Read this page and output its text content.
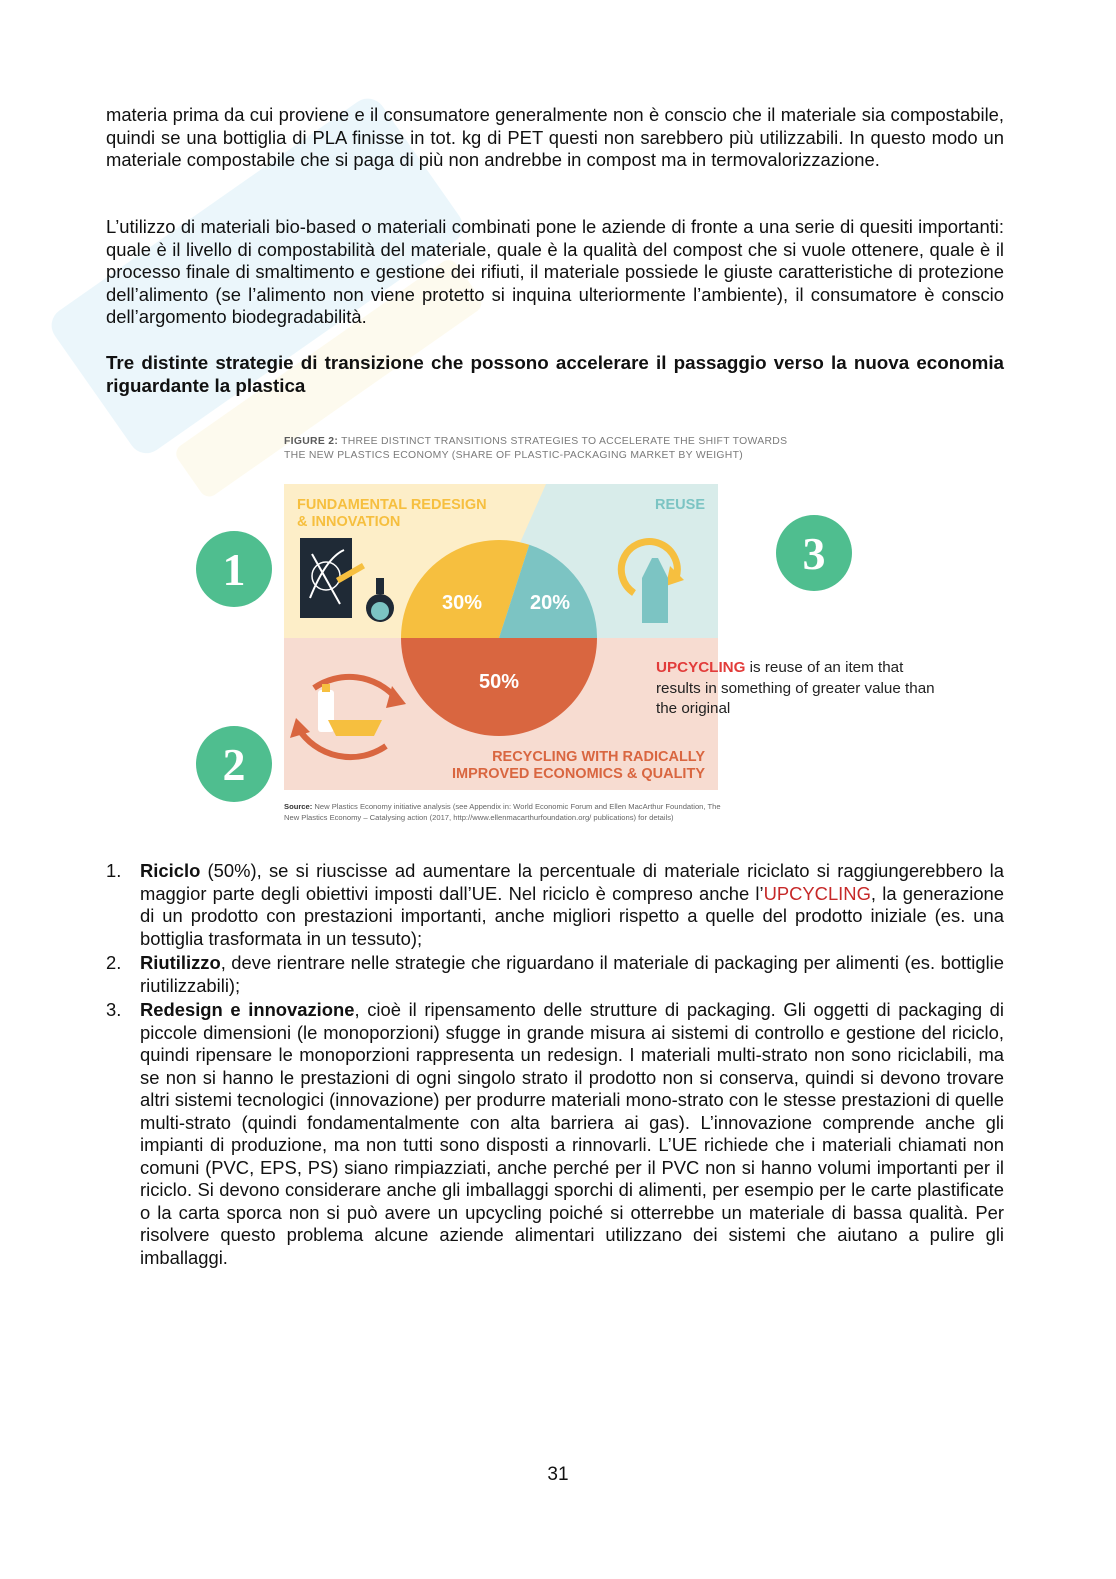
materia prima da cui proviene e il consumatore generalmente non è conscio che il materiale sia compostabile, quindi se una bottiglia di PLA finisse in tot. kg di PET questi non sarebbero più utilizzabili. In questo modo un materiale compostabile che si paga di più non andrebbe in compost ma in termovalorizzazione.

L’utilizzo di materiali bio-based o materiali combinati pone le aziende di fronte a una serie di quesiti importanti: quale è il livello di compostabilità del materiale, quale è la qualità del compost che si vuole ottenere, quale è il processo finale di smaltimento e gestione dei rifiuti, il materiale possiede le giuste caratteristiche di protezione dell’alimento (se l’alimento non viene protetto si inquina ulteriormente l’ambiente), il consumatore è conscio dell’argomento biodegradabilità.

Tre distinte strategie di transizione che possono accelerare il passaggio verso la nuova economia riguardante la plastica

FIGURE 2: THREE DISTINCT TRANSITIONS STRATEGIES TO ACCELERATE THE SHIFT TOWARDS THE NEW PLASTICS ECONOMY (SHARE OF PLASTIC-PACKAGING MARKET BY WEIGHT)

30% 20%
50%
FUNDAMENTAL REDESIGN
& INNOVATION
REUSE
RECYCLING WITH RADICALLY
IMPROVED ECONOMICS & QUALITY
1
2
3
UPCYCLING is reuse of an item that results in something of greater value than the original
Source: New Plastics Economy initiative analysis (see Appendix in: World Economic Forum and Ellen MacArthur Foundation, The New Plastics Economy – Catalysing action (2017, http://www.ellenmacarthurfoundation.org/ publications) for details)
1. Riciclo (50%), se si riuscisse ad aumentare la percentuale di materiale riciclato si raggiungerebbero la maggior parte degli obiettivi imposti dall’UE. Nel riciclo è compreso anche l’UPCYCLING, la generazione di un prodotto con prestazioni importanti, anche migliori rispetto a quelle del prodotto iniziale (es. una bottiglia trasformata in un tessuto);
2. Riutilizzo, deve rientrare nelle strategie che riguardano il materiale di packaging per alimenti (es. bottiglie riutilizzabili);
3. Redesign e innovazione, cioè il ripensamento delle strutture di packaging. Gli oggetti di packaging di piccole dimensioni (le monoporzioni) sfugge in grande misura ai sistemi di controllo e gestione del riciclo, quindi ripensare le monoporzioni rappresenta un redesign. I materiali multi-strato non sono riciclabili, ma se non si hanno le prestazioni di ogni singolo strato il prodotto non si conserva, quindi si devono trovare altri sistemi tecnologici (innovazione) per produrre materiali mono-strato con le stesse prestazioni di quelle multi-strato (quindi fondamentalmente con alta barriera ai gas). L’innovazione comprende anche gli impianti di produzione, ma non tutti sono disposti a rinnovarli. L’UE richiede che i materiali chiamati non comuni (PVC, EPS, PS) siano rimpiazziati, anche perché per il PVC non si hanno volumi importanti per il riciclo. Si devono considerare anche gli imballaggi sporchi di alimenti, per esempio per le carte plastificate o la carta sporca non si può avere un upcycling poiché si otterrebbe un materiale di bassa qualità. Per risolvere questo problema alcune aziende alimentari utilizzano dei sistemi che aiutano a pulire gli imballaggi.
31
